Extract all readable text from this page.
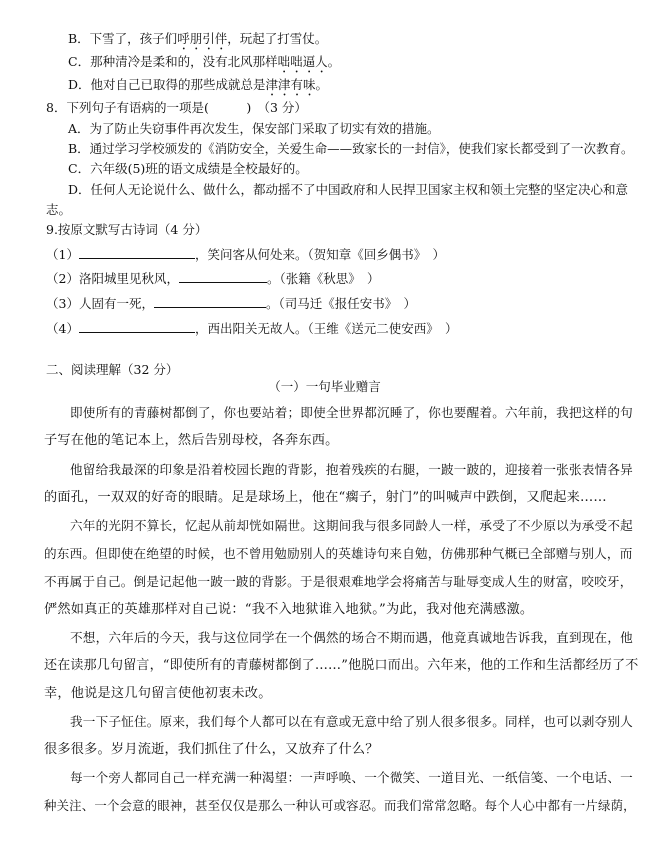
B．下雪了，孩子们呼朋引伴，玩起了打雪仗。
C．那种清冷是柔和的，没有北风那样咄咄逼人。
D．他对自己已取得的那些成就总是津津有味。
8．下列句子有语病的一项是(　　　)　（3 分）
A．为了防止失窃事件再次发生，保安部门采取了切实有效的措施。
B．通过学习学校颁发的《消防安全，关爱生命——致家长的一封信》，使我们家长都受到了一次教育。
C．六年级(5)班的语文成绩是全校最好的。
D．任何人无论说什么、做什么，都动摇不了中国政府和人民捍卫国家主权和领土完整的坚定决心和意
志。
9.按原文默写古诗词（4 分）
（1）	，笑问客从何处来。（贺知章《回乡偶书》　）
（2）洛阳城里见秋风，	。（张籍《秋思》　）
（3）人固有一死，	。（司马迁《报任安书》　）
（4）	，西出阳关无故人。（王维《送元二使安西》　）
二、阅读理解（32 分）
（一）一句毕业赠言
即使所有的青藤树都倒了，你也要站着；即使全世界都沉睡了，你也要醒着。六年前，我把这样的句
子写在他的笔记本上，然后告别母校，各奔东西。
他留给我最深的印象是沿着校园长跑的背影，抱着残疾的右腿，一跛一跛的，迎接着一张张表情各异
的面孔，一双双的好奇的眼睛。足是球场上，他在“瘸子，射门”的叫喊声中跌倒，又爬起来……
六年的光阴不算长，忆起从前却恍如隔世。这期间我与很多同龄人一样，承受了不少原以为承受不起
的东西。但即使在绝望的时候，也不曾用勉励别人的英雄诗句来自勉，仿佛那种气概已全部赠与别人，而
不再属于自己。倒是记起他一跛一跛的背影。于是很艰难地学会将痛苦与耻辱变成人生的财富，咬咬牙，
俨然如真正的英雄那样对自己说：“我不入地狱谁入地狱。”为此，我对他充满感激。
不想，六年后的今天，我与这位同学在一个偶然的场合不期而遇，他竟真诚地告诉我，直到现在，他
还在读那几句留言，“即使所有的青藤树都倒了……”他脱口而出。六年来，他的工作和生活都经历了不
幸，他说是这几句留言使他初衷未改。
我一下子怔住。原来，我们每个人都可以在有意或无意中给了别人很多很多。同样，也可以剥夺别人
很多很多。岁月流逝，我们抓住了什么，又放弃了什么？
每一个旁人都同自己一样充满一种渴望：一声呼唤、一个微笑、一道目光、一纸信笺、一个电话、一
种关注、一个会意的眼神，甚至仅仅是那么一种认可或容忍。而我们常常忽略。每个人心中都有一片绿荫，
